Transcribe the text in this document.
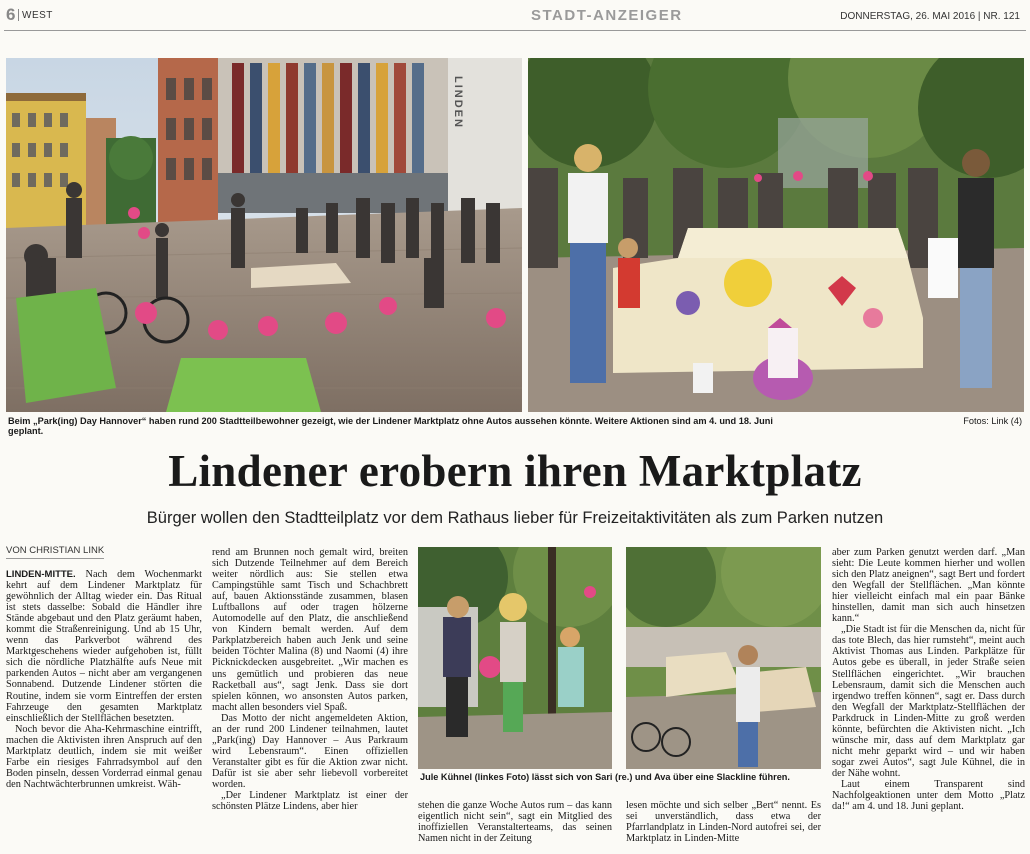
6 WEST	STADT-ANZEIGER	DONNERSTAG, 26. MAI 2016 | NR. 121
LINDEN
Beim „Park(ing) Day Hannover“ haben rund 200 Stadtteilbewohner gezeigt, wie der Lindener Marktplatz ohne Autos aussehen könnte. Weitere Aktionen sind am 4. und 18. Juni geplant.
Fotos: Link (4)
Lindener erobern ihren Marktplatz
Bürger wollen den Stadtteilplatz vor dem Rathaus lieber für Freizeitaktivitäten als zum Parken nutzen
VON CHRISTIAN LINK

LINDEN-MITTE. Nach dem Wochenmarkt kehrt auf dem Lindener Marktplatz für gewöhnlich der Alltag wieder ein. Das Ritual ist stets dasselbe: Sobald die Händler ihre Stände abgebaut und den Platz geräumt haben, kommt die Straßenreinigung. Und ab 15 Uhr, wenn das Parkverbot während des Marktgeschehens wieder aufgehoben ist, füllt sich die nördliche Platzhälfte aufs Neue mit parkenden Autos – nicht aber am vergangenen Sonnabend. Dutzende Lindener störten die Routine, indem sie vorm Eintreffen der ersten Fahrzeuge den gesamten Marktplatz einschließlich der Stellflächen besetzten.

Noch bevor die Aha-Kehrmaschine eintrifft, machen die Aktivisten ihren Anspruch auf den Marktplatz deutlich, indem sie mit weißer Farbe ein riesiges Fahrradsymbol auf den Boden pinseln, dessen Vorderrad einmal genau den Nachtwächterbrunnen umkreist. Wäh-

rend am Brunnen noch gemalt wird, breiten sich Dutzende Teilnehmer auf dem Bereich weiter nördlich aus: Sie stellen etwa Campingstühle samt Tisch und Schachbrett auf, bauen Aktionsstände zusammen, blasen Luftballons auf oder tragen hölzerne Automodelle auf den Platz, die anschließend von Kindern bemalt werden. Auf dem Parkplatzbereich haben auch Jenk und seine beiden Töchter Malina (8) und Naomi (4) ihre Picknickdecken ausgebreitet. „Wir machen es uns gemütlich und probieren das neue Racketball aus“, sagt Jenk. Dass sie dort spielen können, wo ansonsten Autos parken, macht allen besonders viel Spaß.

Das Motto der nicht angemeldeten Aktion, an der rund 200 Lindener teilnahmen, lautet „Park(ing) Day Hannover – Aus Parkraum wird Lebensraum“. Einen offiziellen Veranstalter gibt es für die Aktion zwar nicht. Dafür ist sie aber sehr liebevoll vorbereitet worden.

„Der Lindener Marktplatz ist einer der schönsten Plätze Lindens, aber hier

Jule Kühnel (linkes Foto) lässt sich von Sari (re.) und Ava über eine Slackline führen.

stehen die ganze Woche Autos rum – das kann eigentlich nicht sein“, sagt ein Mitglied des inoffiziellen Veranstalterteams, das seinen Namen nicht in der Zeitung

lesen möchte und sich selber „Bert“ nennt. Es sei unverständlich, dass etwa der Pfarrlandplatz in Linden-Nord autofrei sei, der Marktplatz in Linden-Mitte

aber zum Parken genutzt werden darf. „Man sieht: Die Leute kommen hierher und wollen sich den Platz aneignen“, sagt Bert und fordert den Wegfall der Stellflächen. „Man könnte hier vielleicht einfach mal ein paar Bänke hinstellen, damit man sich auch hinsetzen kann.“

„Die Stadt ist für die Menschen da, nicht für das tote Blech, das hier rumsteht“, meint auch Aktivist Thomas aus Linden. Parkplätze für Autos gebe es überall, in jeder Straße seien Stellflächen eingerichtet. „Wir brauchen Lebensraum, damit sich die Menschen auch irgendwo treffen können“, sagt er. Dass durch den Wegfall der Marktplatz-Stellflächen der Parkdruck in Linden-Mitte zu groß werden könnte, befürchten die Aktivisten nicht. „Ich wünsche mir, dass auf dem Marktplatz gar nicht mehr geparkt wird – und wir haben sogar zwei Autos“, sagt Jule Kühnel, die in der Nähe wohnt.

Laut einem Transparent sind Nachfolgeaktionen unter dem Motto „Platz da!“ am 4. und 18. Juni geplant.
